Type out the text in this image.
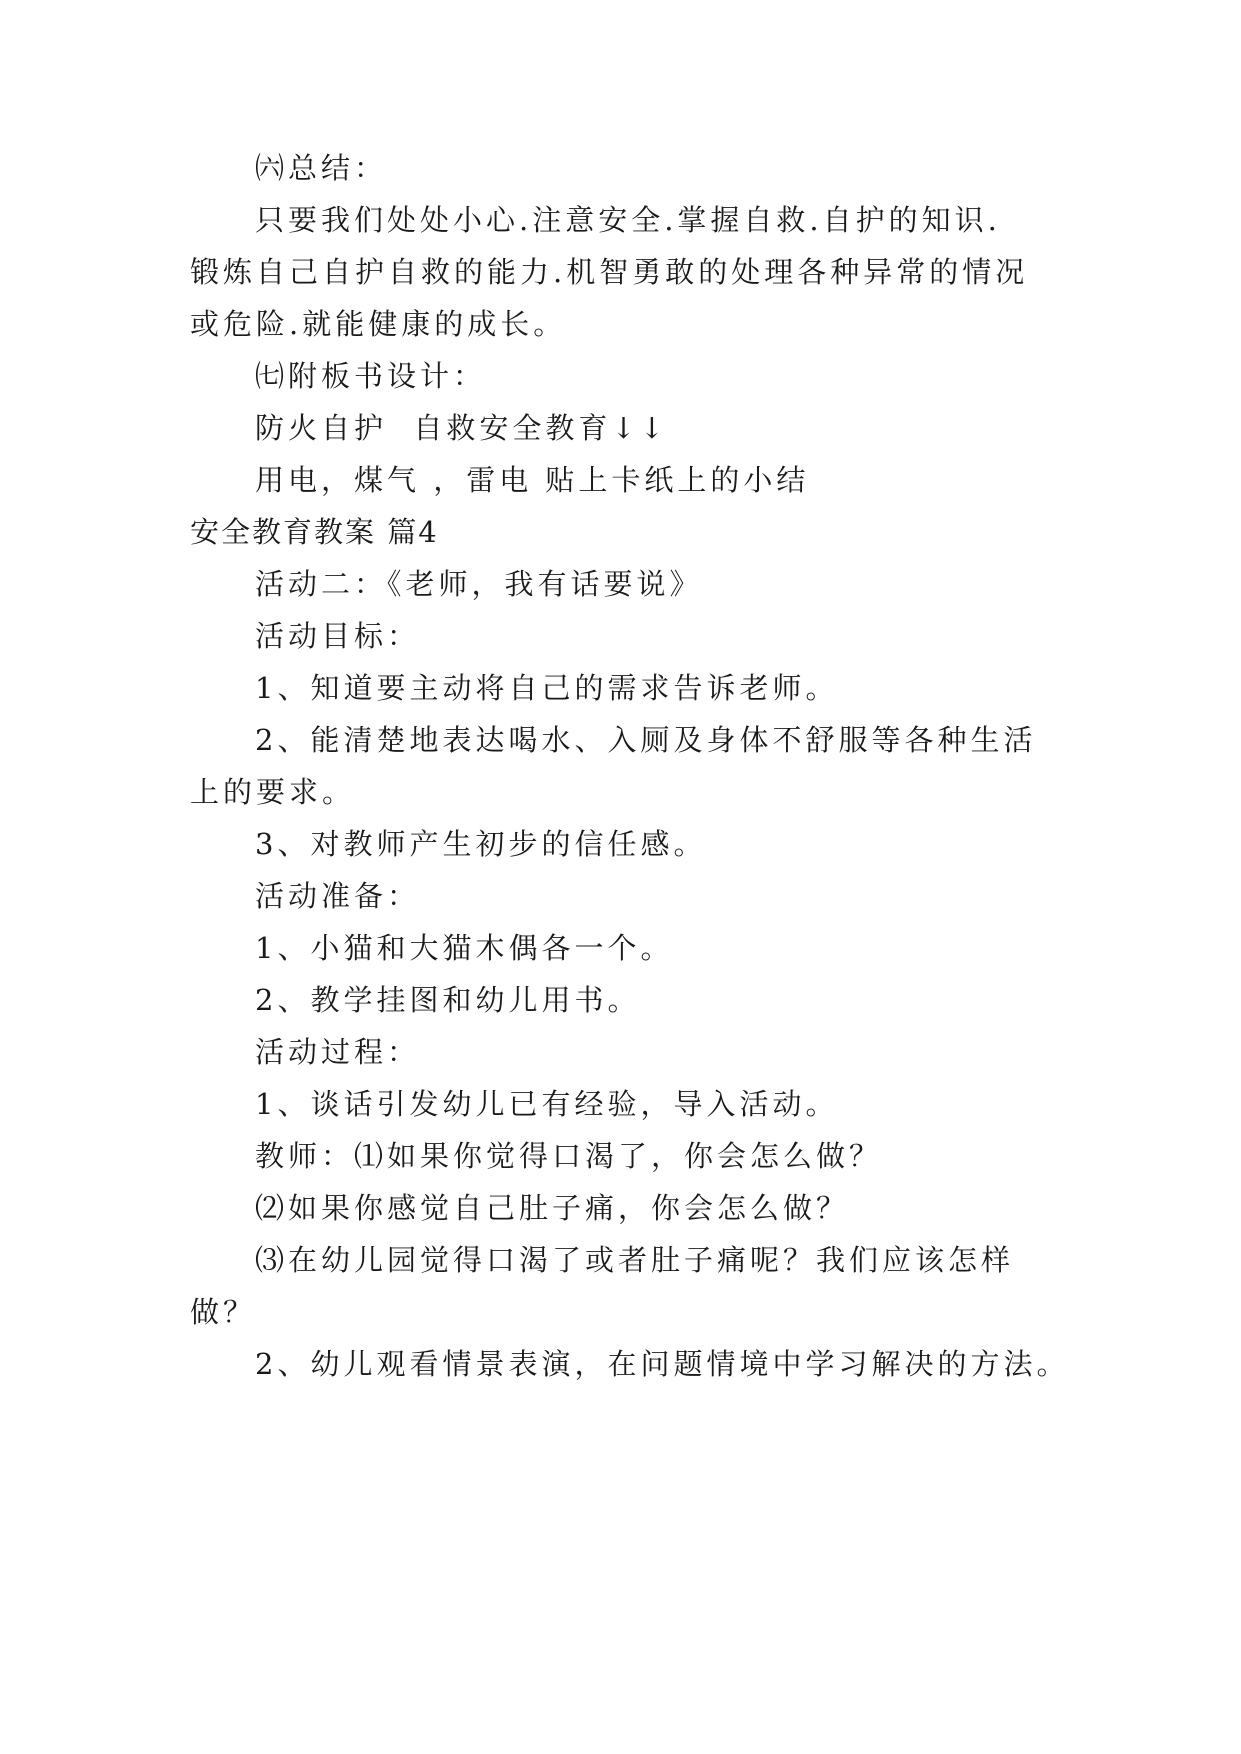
㈥总结：

只要我们处处小心.注意安全.掌握自救.自护的知识.

锻炼自己自护自救的能力.机智勇敢的处理各种异常的情况

或危险.就能健康的成长。

㈦附板书设计：

防火自护  自救安全教育↓↓

用电，煤气 ，雷电 贴上卡纸上的小结

安全教育教案 篇4

活动二：《老师，我有话要说》

活动目标：

1、知道要主动将自己的需求告诉老师。

2、能清楚地表达喝水、入厕及身体不舒服等各种生活

上的要求。

3、对教师产生初步的信任感。

活动准备：

1、小猫和大猫木偶各一个。

2、教学挂图和幼儿用书。

活动过程：

1、谈话引发幼儿已有经验，导入活动。

教师：⑴如果你觉得口渴了，你会怎么做？

⑵如果你感觉自己肚子痛，你会怎么做？

⑶在幼儿园觉得口渴了或者肚子痛呢？我们应该怎样

做？

2、幼儿观看情景表演，在问题情境中学习解决的方法。
